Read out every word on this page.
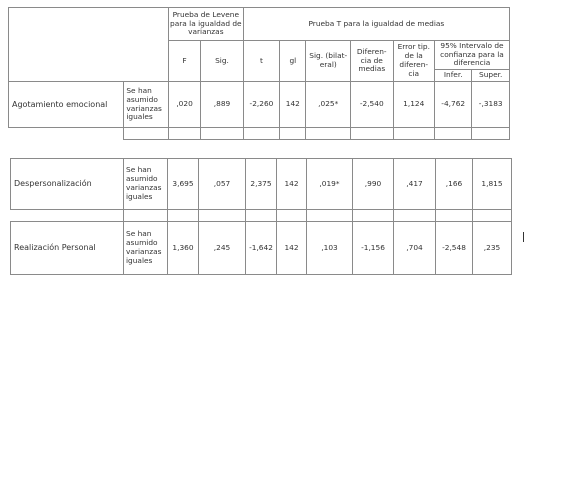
		Prueba de Levene para la igualdad de varianzas		Prueba T para la igualdad de medias						
		F	Sig.	t	gl	Sig. (bilat-eral)	Diferen-cia de medias	Error tip. de la diferen-cia	95% Intervalo de confianza para la diferencia	
									Infer.	Super.
Agotamiento emocional	Se han asumido varianzas iguales	,020	,889	-2,260	142	,025*	-2,540	1,124	-4,762	-,3183

Despersonalización	Se han asumido varianzas iguales	3,695	,057	2,375	142	,019*	,990	,417	,166	1,815

Realización Personal	Se han asumido varianzas iguales	1,360	,245	-1,642	142	,103	-1,156	,704	-2,548	,235
